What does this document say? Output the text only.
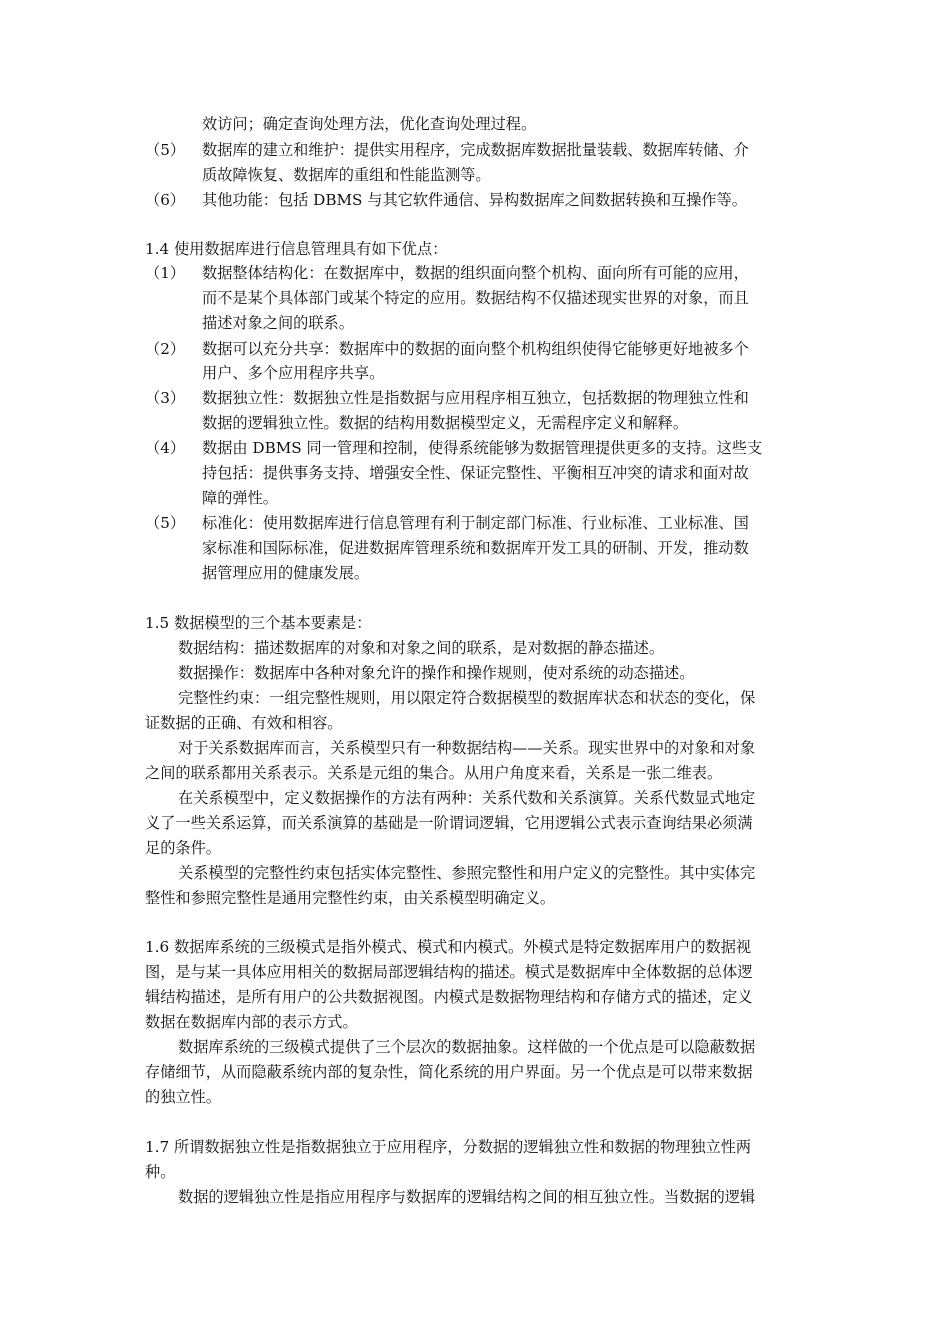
效访问；确定查询处理方法，优化查询处理过程。
（5） 数据库的建立和维护：提供实用程序，完成数据库数据批量装载、数据库转储、介
质故障恢复、数据库的重组和性能监测等。
（6） 其他功能：包括 DBMS 与其它软件通信、异构数据库之间数据转换和互操作等。
1.4 使用数据库进行信息管理具有如下优点：
（1） 数据整体结构化：在数据库中，数据的组织面向整个机构、面向所有可能的应用，
而不是某个具体部门或某个特定的应用。数据结构不仅描述现实世界的对象，而且
描述对象之间的联系。
（2） 数据可以充分共享：数据库中的数据的面向整个机构组织使得它能够更好地被多个
用户、多个应用程序共享。
（3） 数据独立性：数据独立性是指数据与应用程序相互独立，包括数据的物理独立性和
数据的逻辑独立性。数据的结构用数据模型定义，无需程序定义和解释。
（4） 数据由 DBMS 同一管理和控制，使得系统能够为数据管理提供更多的支持。这些支
持包括：提供事务支持、增强安全性、保证完整性、平衡相互冲突的请求和面对故
障的弹性。
（5） 标准化：使用数据库进行信息管理有利于制定部门标准、行业标准、工业标准、国
家标准和国际标准，促进数据库管理系统和数据库开发工具的研制、开发，推动数
据管理应用的健康发展。
1.5 数据模型的三个基本要素是：
数据结构：描述数据库的对象和对象之间的联系，是对数据的静态描述。
数据操作：数据库中各种对象允许的操作和操作规则，使对系统的动态描述。
完整性约束：一组完整性规则，用以限定符合数据模型的数据库状态和状态的变化，保
证数据的正确、有效和相容。
对于关系数据库而言，关系模型只有一种数据结构——关系。现实世界中的对象和对象
之间的联系都用关系表示。关系是元组的集合。从用户角度来看，关系是一张二维表。
在关系模型中，定义数据操作的方法有两种：关系代数和关系演算。关系代数显式地定
义了一些关系运算，而关系演算的基础是一阶谓词逻辑，它用逻辑公式表示查询结果必须满
足的条件。
关系模型的完整性约束包括实体完整性、参照完整性和用户定义的完整性。其中实体完
整性和参照完整性是通用完整性约束，由关系模型明确定义。
1.6 数据库系统的三级模式是指外模式、模式和内模式。外模式是特定数据库用户的数据视
图，是与某一具体应用相关的数据局部逻辑结构的描述。模式是数据库中全体数据的总体逻
辑结构描述，是所有用户的公共数据视图。内模式是数据物理结构和存储方式的描述，定义
数据在数据库内部的表示方式。
数据库系统的三级模式提供了三个层次的数据抽象。这样做的一个优点是可以隐蔽数据
存储细节，从而隐蔽系统内部的复杂性，简化系统的用户界面。另一个优点是可以带来数据
的独立性。
1.7 所谓数据独立性是指数据独立于应用程序，分数据的逻辑独立性和数据的物理独立性两
种。
数据的逻辑独立性是指应用程序与数据库的逻辑结构之间的相互独立性。当数据的逻辑
